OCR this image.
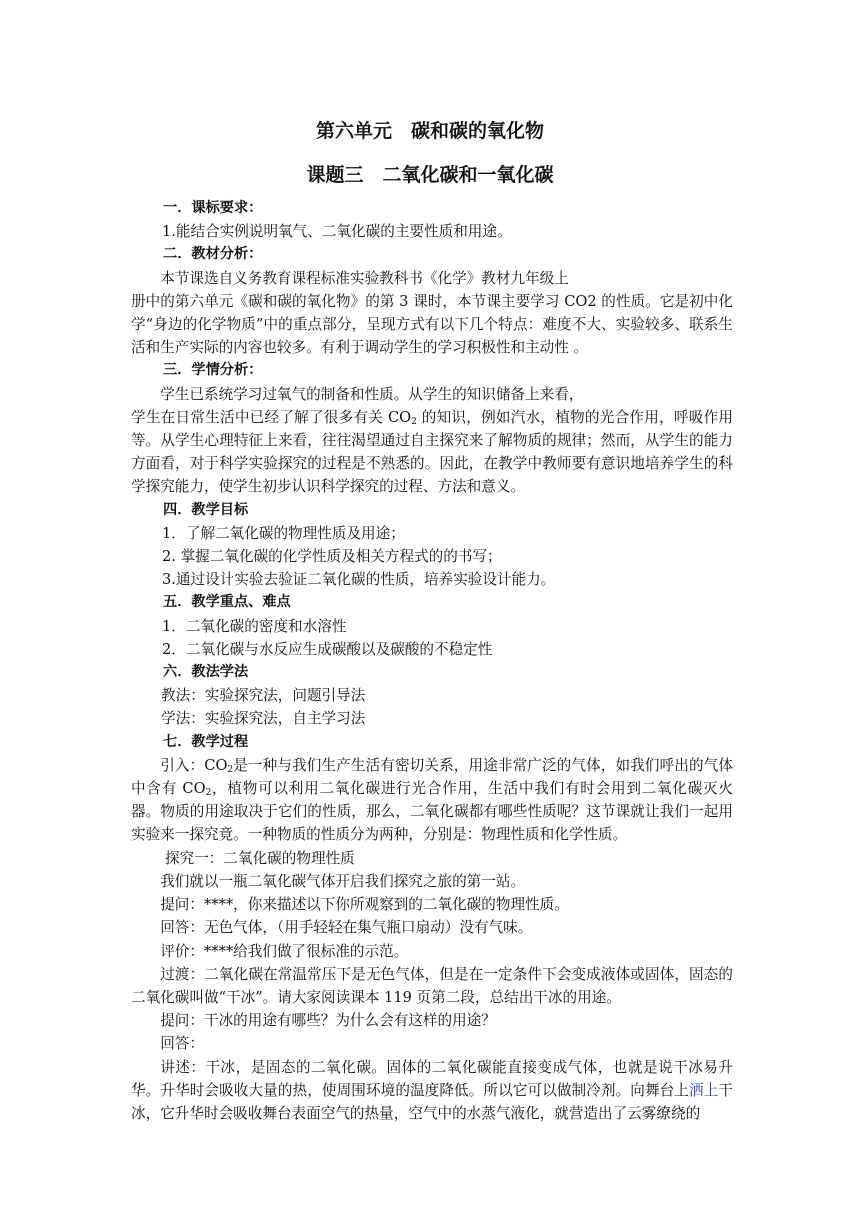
第六单元　碳和碳的氧化物
课题三　二氧化碳和一氧化碳

一．课标要求：

1.能结合实例说明氧气、二氧化碳的主要性质和用途。

二．教材分析：

本节课选自义务教育课程标准实验教科书《化学》教材九年级上

册中的第六单元《碳和碳的氧化物》的第 3 课时，本节课主要学习 CO2 的性质。它是初中化学“身边的化学物质”中的重点部分，呈现方式有以下几个特点：难度不大、实验较多、联系生活和生产实际的内容也较多。有利于调动学生的学习积极性和主动性 。

三．学情分析：

学生已系统学习过氧气的制备和性质。从学生的知识储备上来看，

学生在日常生活中已经了解了很多有关 $CO_2$ 的知识，例如汽水，植物的光合作用，呼吸作用等。从学生心理特征上来看，往往渴望通过自主探究来了解物质的规律；然而，从学生的能力方面看，对于科学实验探究的过程是不熟悉的。因此，在教学中教师要有意识地培养学生的科学探究能力，使学生初步认识科学探究的过程、方法和意义。

四．教学目标

1．了解二氧化碳的物理性质及用途；

2. 掌握二氧化碳的化学性质及相关方程式的的书写；

3.通过设计实验去验证二氧化碳的性质，培养实验设计能力。

五．教学重点、难点

1．二氧化碳的密度和水溶性

2．二氧化碳与水反应生成碳酸以及碳酸的不稳定性

六．教法学法

教法：实验探究法，问题引导法

学法：实验探究法，自主学习法

七．教学过程

引入：$CO_2$是一种与我们生产生活有密切关系，用途非常广泛的气体，如我们呼出的气体中含有 $CO_2$，植物可以利用二氧化碳进行光合作用，生活中我们有时会用到二氧化碳灭火器。物质的用途取决于它们的性质，那么，二氧化碳都有哪些性质呢？这节课就让我们一起用实验来一探究竟。一种物质的性质分为两种，分别是：物理性质和化学性质。

探究一：二氧化碳的物理性质

我们就以一瓶二氧化碳气体开启我们探究之旅的第一站。

提问：****，你来描述以下你所观察到的二氧化碳的物理性质。

回答：无色气体，（用手轻轻在集气瓶口扇动）没有气味。

评价：****给我们做了很标准的示范。

过渡：二氧化碳在常温常压下是无色气体，但是在一定条件下会变成液体或固体，固态的二氧化碳叫做“干冰”。请大家阅读课本 119 页第二段，总结出干冰的用途。

提问：干冰的用途有哪些？为什么会有这样的用途？

回答：

讲述：干冰，是固态的二氧化碳。固体的二氧化碳能直接变成气体，也就是说干冰易升华。升华时会吸收大量的热，使周围环境的温度降低。所以它可以做制冷剂。向舞台上洒上干冰，它升华时会吸收舞台表面空气的热量，空气中的水蒸气液化，就营造出了云雾缭绕的
